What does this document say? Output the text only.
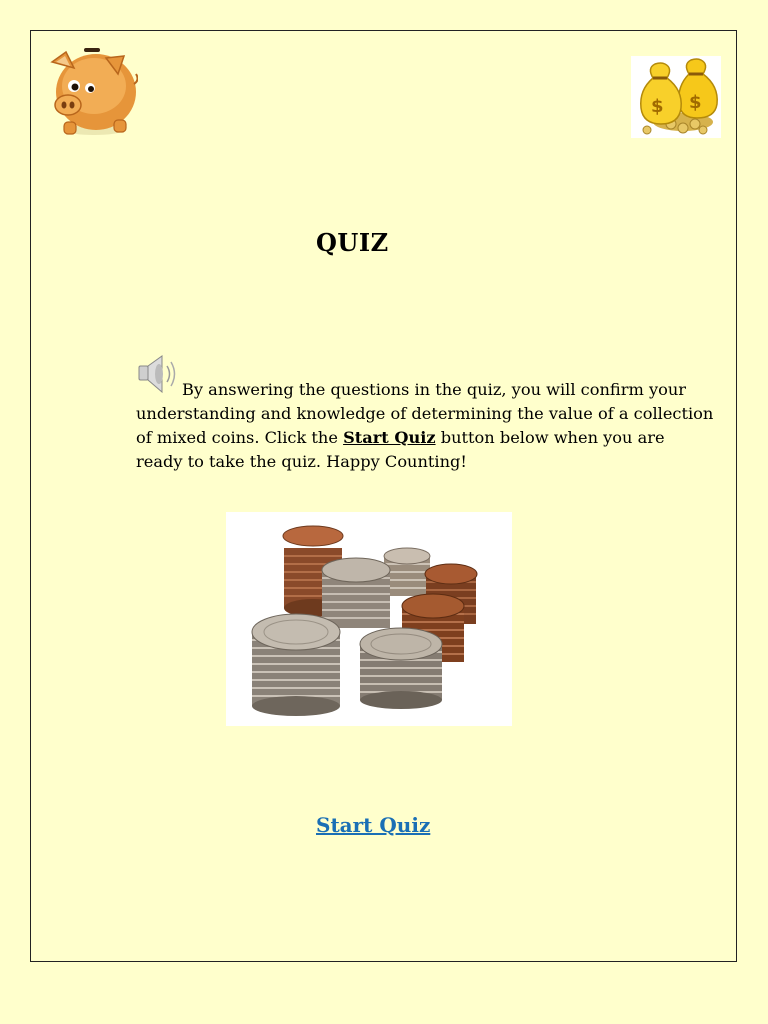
$
$
QUIZ

By answering the questions in the quiz, you will confirm your understanding and knowledge of determining the value of a collection of mixed coins. Click the Start Quiz button below when you are ready to take the quiz. Happy Counting!

Start Quiz
